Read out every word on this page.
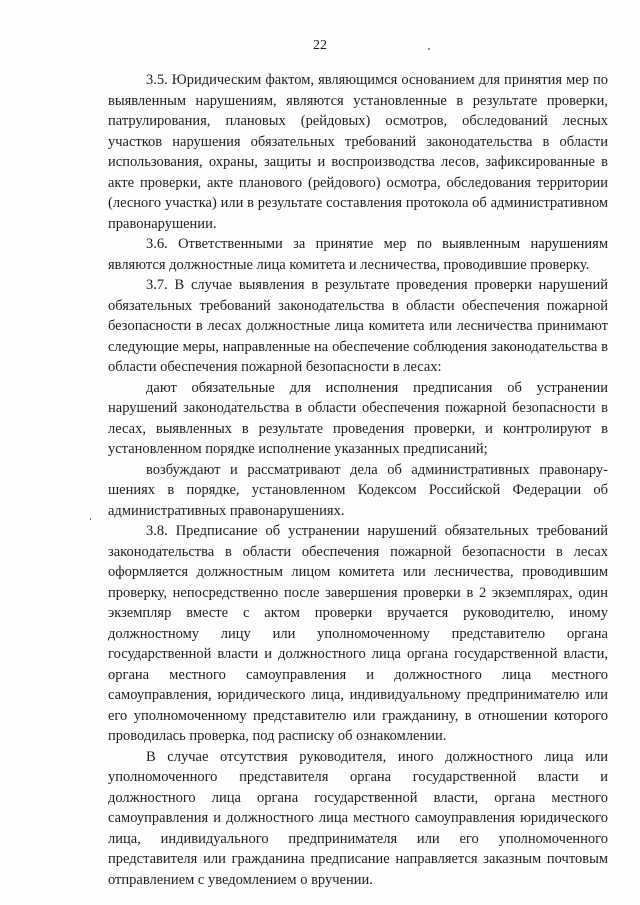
22

3.5. Юридическим фактом, являющимся основанием для принятия мер по выявленным нарушениям, являются установленные в результате проверки, патрулирования, плановых (рейдовых) осмотров, обследований лесных участков нарушения обязательных требований законодательства в области использования, охраны, защиты и воспроизводства лесов, зафиксированные в акте проверки, акте планового (рейдового) осмотра, обследования территории (лесного участка) или в результате составления протокола об административном правонарушении.

3.6. Ответственными за принятие мер по выявленным нарушениям являются должностные лица комитета и лесничества, проводившие проверку.

3.7. В случае выявления в результате проведения проверки нарушений обязательных требований законодательства в области обеспечения пожарной безопасности в лесах должностные лица комитета или лесничества принимают следующие меры, направленные на обеспечение соблюдения законодательства в области обеспечения пожарной безопасности в лесах:

дают обязательные для исполнения предписания об устранении нарушений законодательства в области обеспечения пожарной безопасности в лесах, выявленных в результате проведения проверки, и контролируют в установленном порядке исполнение указанных предписаний;

возбуждают и рассматривают дела об административных правонарушениях в порядке, установленном Кодексом Российской Федерации об административных правонарушениях.

3.8. Предписание об устранении нарушений обязательных требований законодательства в области обеспечения пожарной безопасности в лесах оформляется должностным лицом комитета или лесничества, проводившим проверку, непосредственно после завершения проверки в 2 экземплярах, один экземпляр вместе с актом проверки вручается руководителю, иному должностному лицу или уполномоченному представителю органа государственной власти и должностного лица органа государственной власти, органа местного самоуправления и должностного лица местного самоуправления, юридического лица, индивидуальному предпринимателю или его уполномоченному представителю или гражданину, в отношении которого проводилась проверка, под расписку об ознакомлении.

В случае отсутствия руководителя, иного должностного лица или уполномоченного представителя органа государственной власти и должностного лица органа государственной власти, органа местного самоуправления и должностного лица местного самоуправления юридического лица, индивидуального предпринимателя или его уполномоченного представителя или гражданина предписание направляется заказным почтовым отправлением с уведомлением о вручении.
